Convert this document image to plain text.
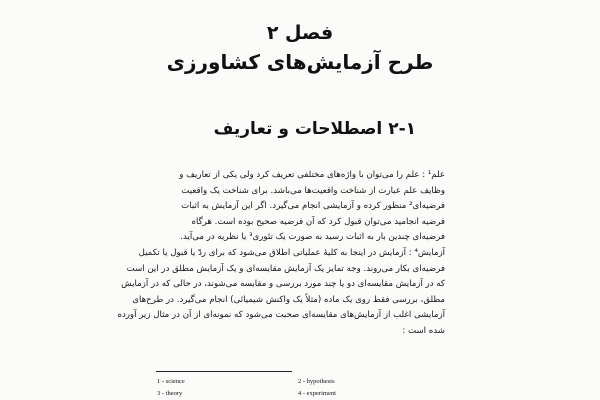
فصل ۲
طرح آزمایش‌های کشاورزی
۲-۱ اصطلاحات و تعاریف
علم¹ : علم را می‌توان با واژه‌های مختلفی تعریف کرد ولی یکی از تعاریف و
وظایف علم عبارت از شناخت واقعیت‌ها می‌باشد. برای شناخت یک واقعیت
فرضیه‌ای² منظور کرده و آزمایشی انجام می‌گیرد. اگر این آزمایش به اثبات
فرضیه انجامید می‌توان قبول کرد که آن فرضیه صحیح بوده است. هرگاه
فرضیه‌ای چندین بار به اثبات رسید به صورت یک تئوری³ یا نظریه در می‌آید.
آزمایش⁴ : آزمایش در اینجا به کلیهٔ عملیاتی اطلاق می‌شود که برای ردّ یا قبول یا تکمیل
فرضیه‌ای بکار می‌روند. وجه تمایز یک آزمایش مقایسه‌ای و یک آزمایش مطلق در این است
که در آزمایش مقایسه‌ای دو یا چند مورد بررسی و مقایسه می‌شوند، در حالی که در آزمایش
مطلق، بررسی فقط روی یک ماده (مثلاً یک واکنش شیمیائی) انجام می‌گیرد. در طرح‌های
آزمایشی اغلب از آزمایش‌های مقایسه‌ای صحبت می‌شود که نمونه‌ای از آن در مثال زیر آورده
شده است :
1 - science	2 - hypothesis
3 - theory	4 - experiment
